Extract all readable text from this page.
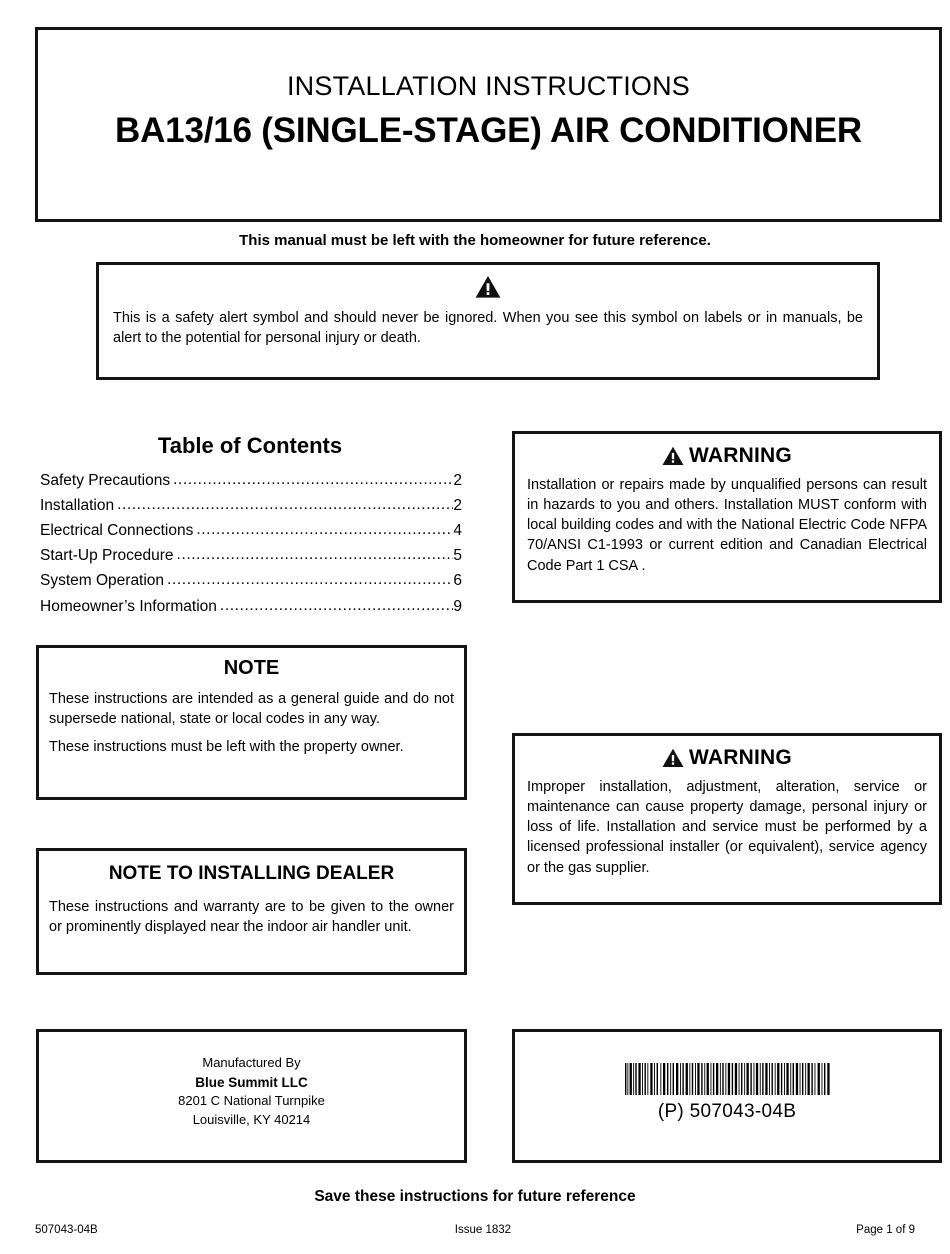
INSTALLATION INSTRUCTIONS
BA13/16 (SINGLE-STAGE) AIR CONDITIONER
This manual must be left with the homeowner for future reference.
This is a safety alert symbol and should never be ignored. When you see this symbol on labels or in manuals, be alert to the potential for personal injury or death.
Table of Contents
Safety Precautions .....	2
Installation .....	2
Electrical Connections .....	4
Start-Up Procedure .....	5
System Operation .....	6
Homeowner’s Information .....	9
WARNING
Installation or repairs made by unqualified persons can result in hazards to you and others. Installation MUST conform with local building codes and with the National Electric Code NFPA 70/ANSI C1-1993 or current edition and Canadian Electrical Code Part 1 CSA .
NOTE
These instructions are intended as a general guide and do not supersede national, state or local codes in any way.
These instructions must be left with the property owner.	WARNING
Improper installation, adjustment, alteration, service or maintenance can cause property damage, personal injury or loss of life. Installation and service must be performed by a licensed professional installer (or equivalent), service agency or the gas supplier.
NOTE TO INSTALLING DEALER
These instructions and warranty are to be given to the owner or prominently displayed near the indoor air handler unit.
Manufactured By
Blue Summit LLC
8201 C National Turnpike
Louisville, KY 40214	(P) 507043-04B
Save these instructions for future reference
507043-04B	Issue 1832	Page 1 of 9
